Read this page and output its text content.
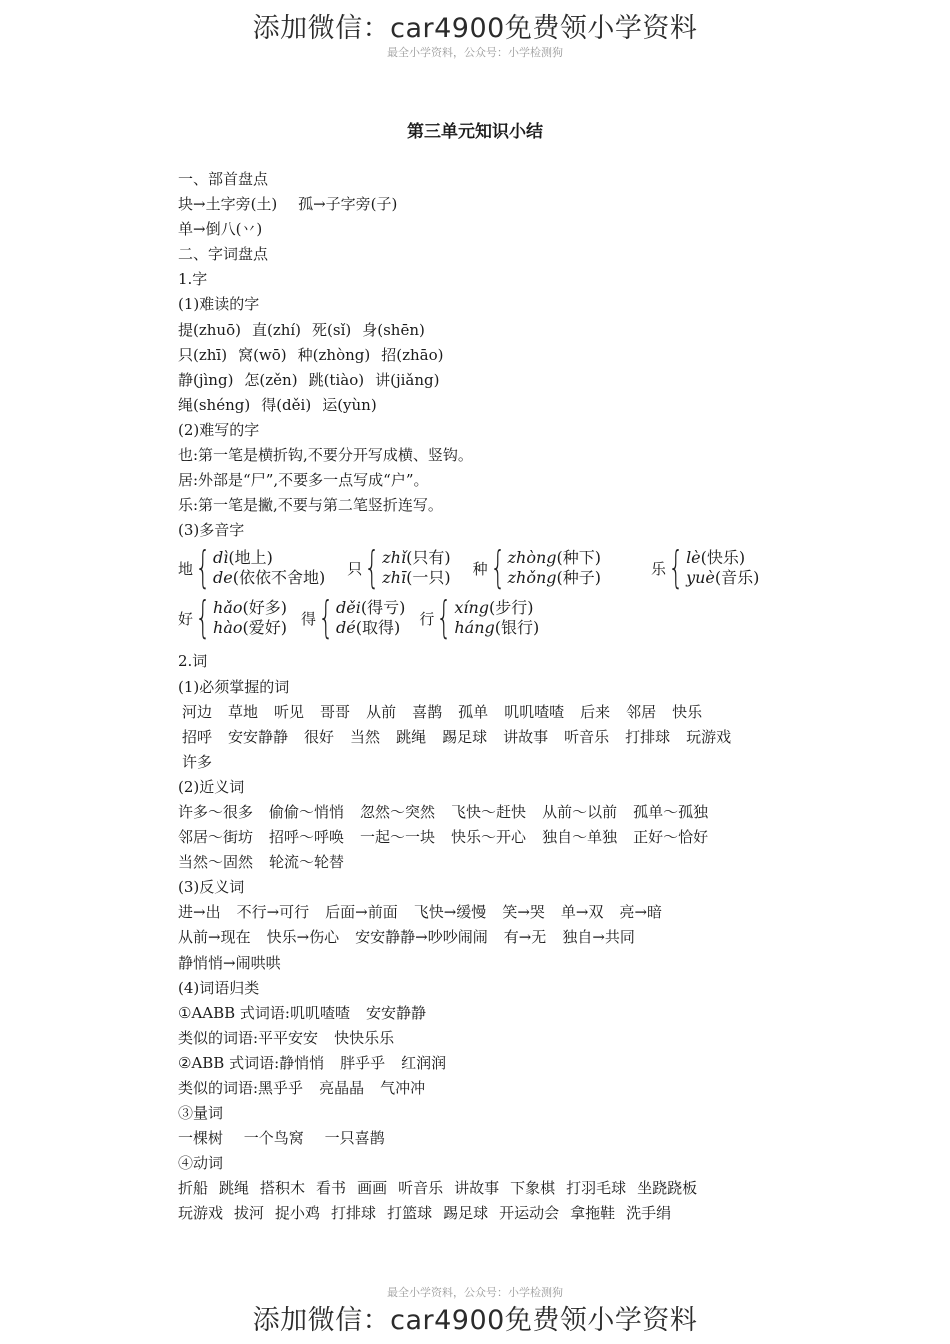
添加微信：car4900免费领小学资料
最全小学资料，公众号：小学检测狗
第三单元知识小结
一、部首盘点
块→土字旁(土) 孤→子字旁(子)
单→倒八(丷)
二、字词盘点
1.字
(1)难读的字
提(zhuō) 直(zhí) 死(sǐ) 身(shēn)
只(zhī) 窝(wō) 种(zhòng) 招(zhāo)
静(jìng) 怎(zěn) 跳(tiào) 讲(jiǎng)
绳(shéng) 得(děi) 运(yùn)
(2)难写的字
也:第一笔是横折钩,不要分开写成横、竖钩。
居:外部是“尸”,不要多一点写成“户”。
乐:第一笔是撇,不要与第二笔竖折连写。
(3)多音字
地 { dì(地上)
de(依依不舍地) 只 { zhǐ(只有)
zhī(一只) 种 { zhòng(种下)
zhǒng(种子)	乐 { lè(快乐)
yuè(音乐)
好 { hǎo(好多)
hào(爱好) 得 { děi(得亏)
dé(取得)	行 { xíng(步行)
háng(银行)
2.词
(1)必须掌握的词
河边 草地 听见 哥哥 从前 喜鹊 孤单 叽叽喳喳 后来 邻居 快乐
招呼 安安静静 很好 当然 跳绳 踢足球 讲故事 听音乐 打排球 玩游戏
许多
(2)近义词
许多～很多 偷偷～悄悄 忽然～突然 飞快～赶快 从前～以前 孤单～孤独
邻居～街坊 招呼～呼唤 一起～一块 快乐～开心 独自～单独 正好～恰好
当然～固然 轮流～轮替
(3)反义词
进→出 不行→可行 后面→前面 飞快→缓慢 笑→哭 单→双 亮→暗
从前→现在 快乐→伤心 安安静静→吵吵闹闹 有→无 独自→共同
静悄悄→闹哄哄
(4)词语归类
①AABB 式词语:叽叽喳喳 安安静静
类似的词语:平平安安 快快乐乐
②ABB 式词语:静悄悄 胖乎乎 红润润
类似的词语:黑乎乎 亮晶晶 气冲冲
③量词
一棵树 一个鸟窝 一只喜鹊
④动词
折船 跳绳 搭积木 看书 画画 听音乐 讲故事 下象棋 打羽毛球 坐跷跷板
玩游戏 拔河 捉小鸡 打排球 打篮球 踢足球 开运动会 拿拖鞋 洗手绢
最全小学资料，公众号：小学检测狗
添加微信：car4900免费领小学资料
